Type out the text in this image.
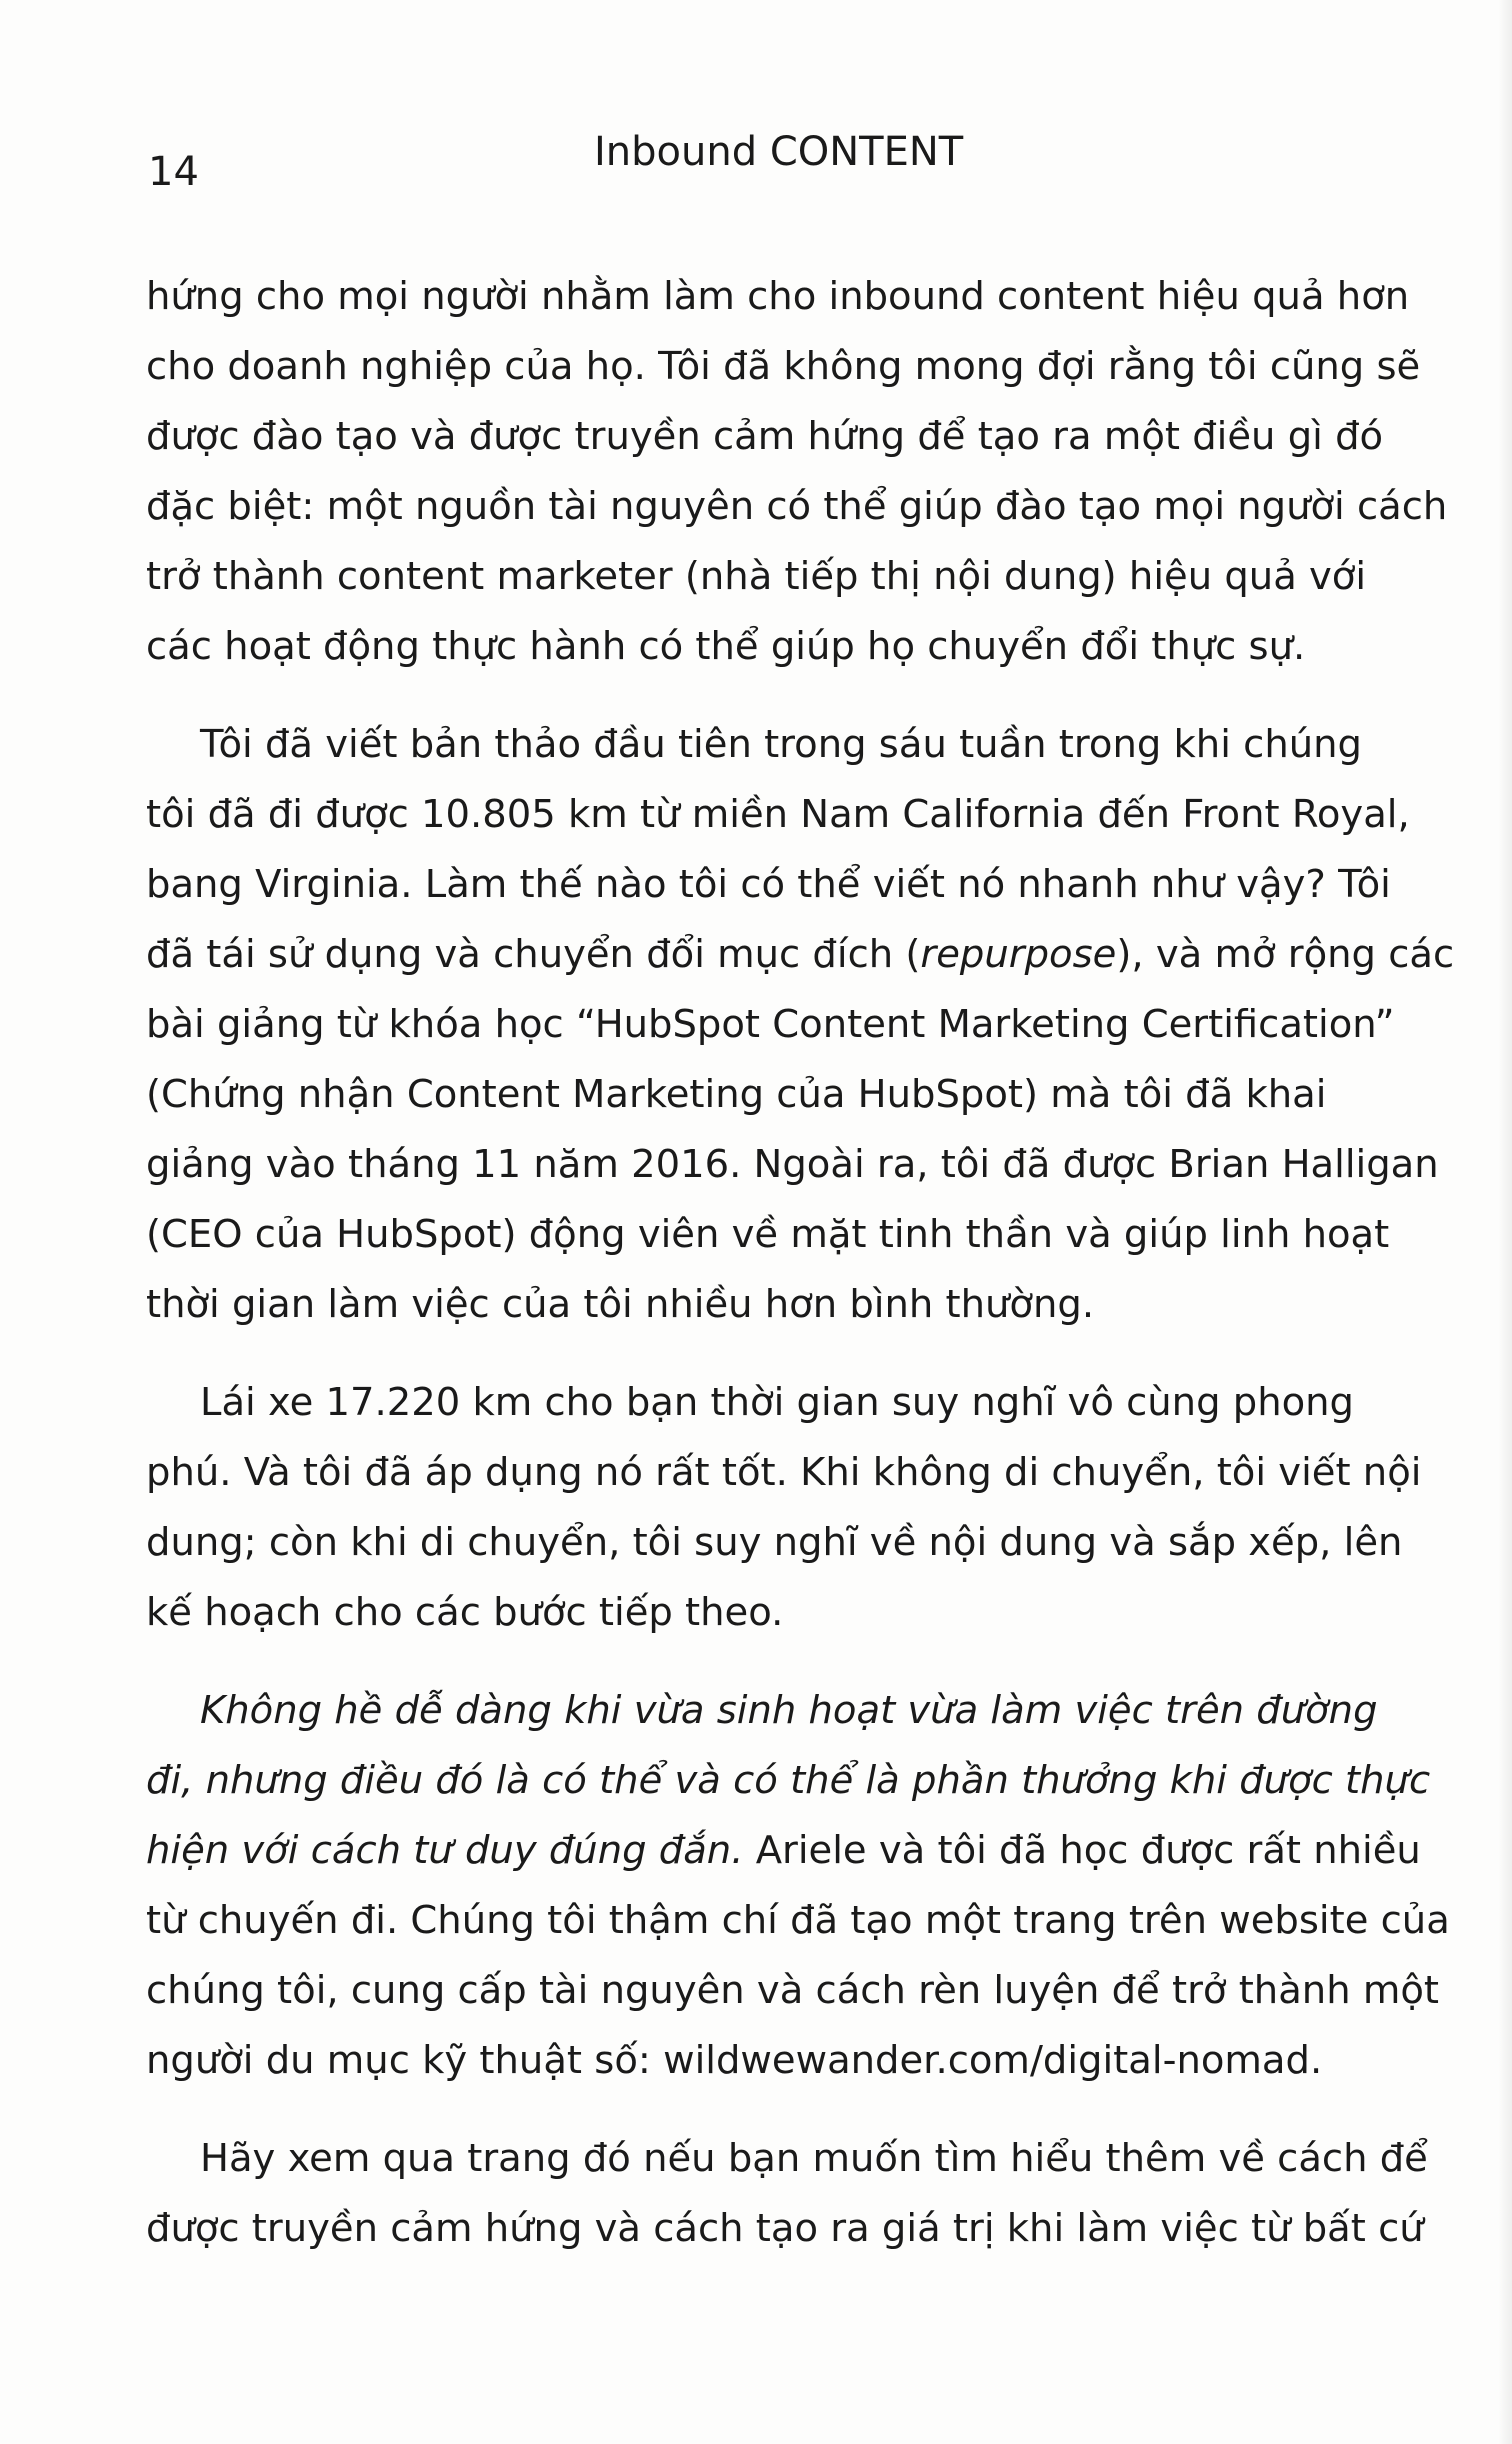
14	Inbound CONTENT

hứng cho mọi người nhằm làm cho inbound content hiệu quả hơn
cho doanh nghiệp của họ. Tôi đã không mong đợi rằng tôi cũng sẽ
được đào tạo và được truyền cảm hứng để tạo ra một điều gì đó
đặc biệt: một nguồn tài nguyên có thể giúp đào tạo mọi người cách
trở thành content marketer (nhà tiếp thị nội dung) hiệu quả với
các hoạt động thực hành có thể giúp họ chuyển đổi thực sự.

Tôi đã viết bản thảo đầu tiên trong sáu tuần trong khi chúng
tôi đã đi được 10.805 km từ miền Nam California đến Front Royal,
bang Virginia. Làm thế nào tôi có thể viết nó nhanh như vậy? Tôi
đã tái sử dụng và chuyển đổi mục đích (repurpose), và mở rộng các
bài giảng từ khóa học “HubSpot Content Marketing Certification”
(Chứng nhận Content Marketing của HubSpot) mà tôi đã khai
giảng vào tháng 11 năm 2016. Ngoài ra, tôi đã được Brian Halligan
(CEO của HubSpot) động viên về mặt tinh thần và giúp linh hoạt
thời gian làm việc của tôi nhiều hơn bình thường.

Lái xe 17.220 km cho bạn thời gian suy nghĩ vô cùng phong
phú. Và tôi đã áp dụng nó rất tốt. Khi không di chuyển, tôi viết nội
dung; còn khi di chuyển, tôi suy nghĩ về nội dung và sắp xếp, lên
kế hoạch cho các bước tiếp theo.

Không hề dễ dàng khi vừa sinh hoạt vừa làm việc trên đường
đi, nhưng điều đó là có thể và có thể là phần thưởng khi được thực
hiện với cách tư duy đúng đắn. Ariele và tôi đã học được rất nhiều
từ chuyến đi. Chúng tôi thậm chí đã tạo một trang trên website của
chúng tôi, cung cấp tài nguyên và cách rèn luyện để trở thành một
người du mục kỹ thuật số: wildwewander.com/digital-nomad.

Hãy xem qua trang đó nếu bạn muốn tìm hiểu thêm về cách để
được truyền cảm hứng và cách tạo ra giá trị khi làm việc từ bất cứ
